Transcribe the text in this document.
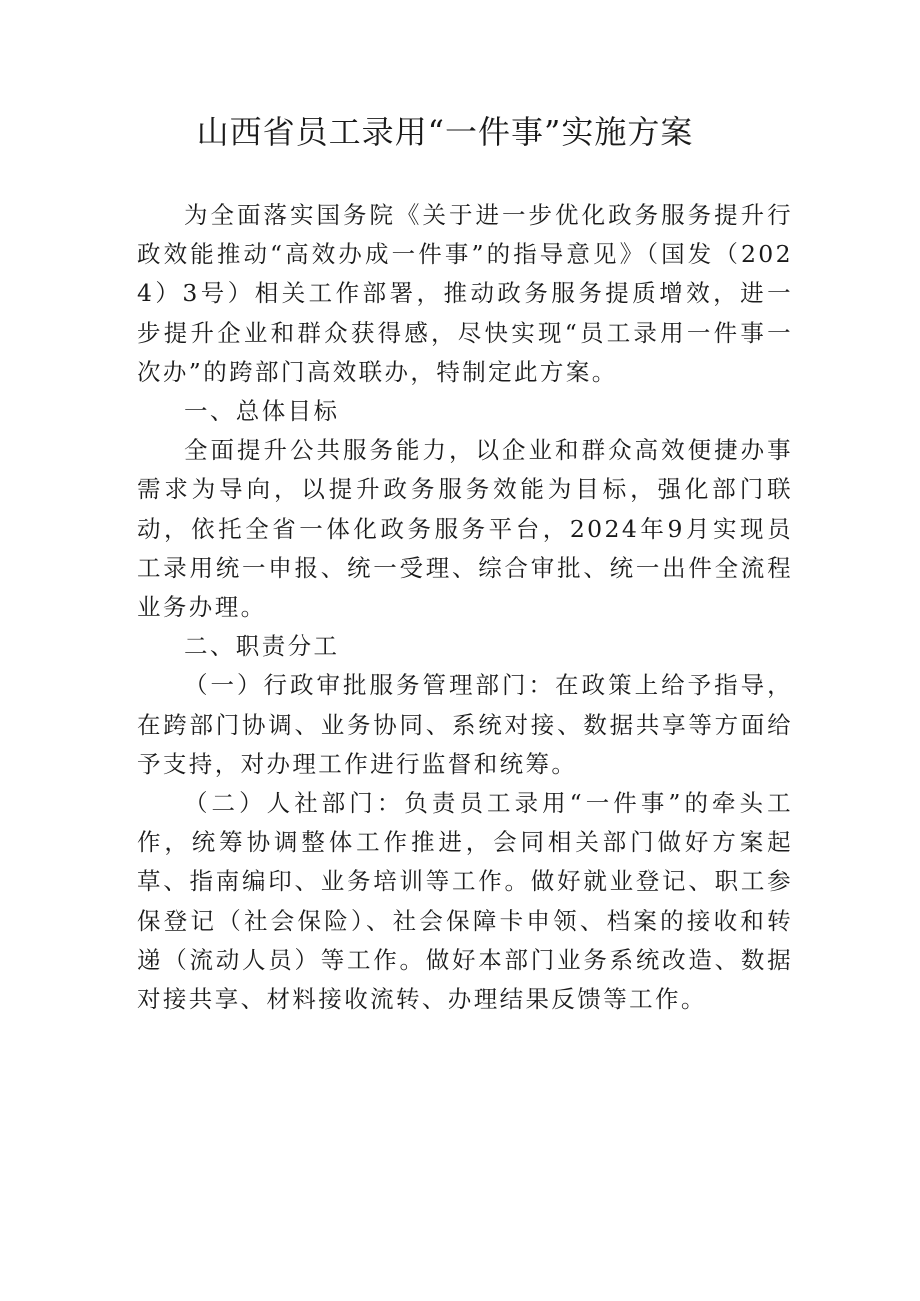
山西省员工录用“一件事”实施方案

为全面落实国务院《关于进一步优化政务服务提升行政效能推动“高效办成一件事”的指导意见》（国发（2024）3号）相关工作部署，推动政务服务提质增效，进一步提升企业和群众获得感，尽快实现“员工录用一件事一次办”的跨部门高效联办，特制定此方案。

一、总体目标

全面提升公共服务能力，以企业和群众高效便捷办事需求为导向，以提升政务服务效能为目标，强化部门联动，依托全省一体化政务服务平台，2024年9月实现员工录用统一申报、统一受理、综合审批、统一出件全流程业务办理。

二、职责分工

（一）行政审批服务管理部门：在政策上给予指导，在跨部门协调、业务协同、系统对接、数据共享等方面给予支持，对办理工作进行监督和统筹。

（二）人社部门：负责员工录用“一件事”的牵头工作，统筹协调整体工作推进，会同相关部门做好方案起草、指南编印、业务培训等工作。做好就业登记、职工参保登记（社会保险）、社会保障卡申领、档案的接收和转递（流动人员）等工作。做好本部门业务系统改造、数据对接共享、材料接收流转、办理结果反馈等工作。
